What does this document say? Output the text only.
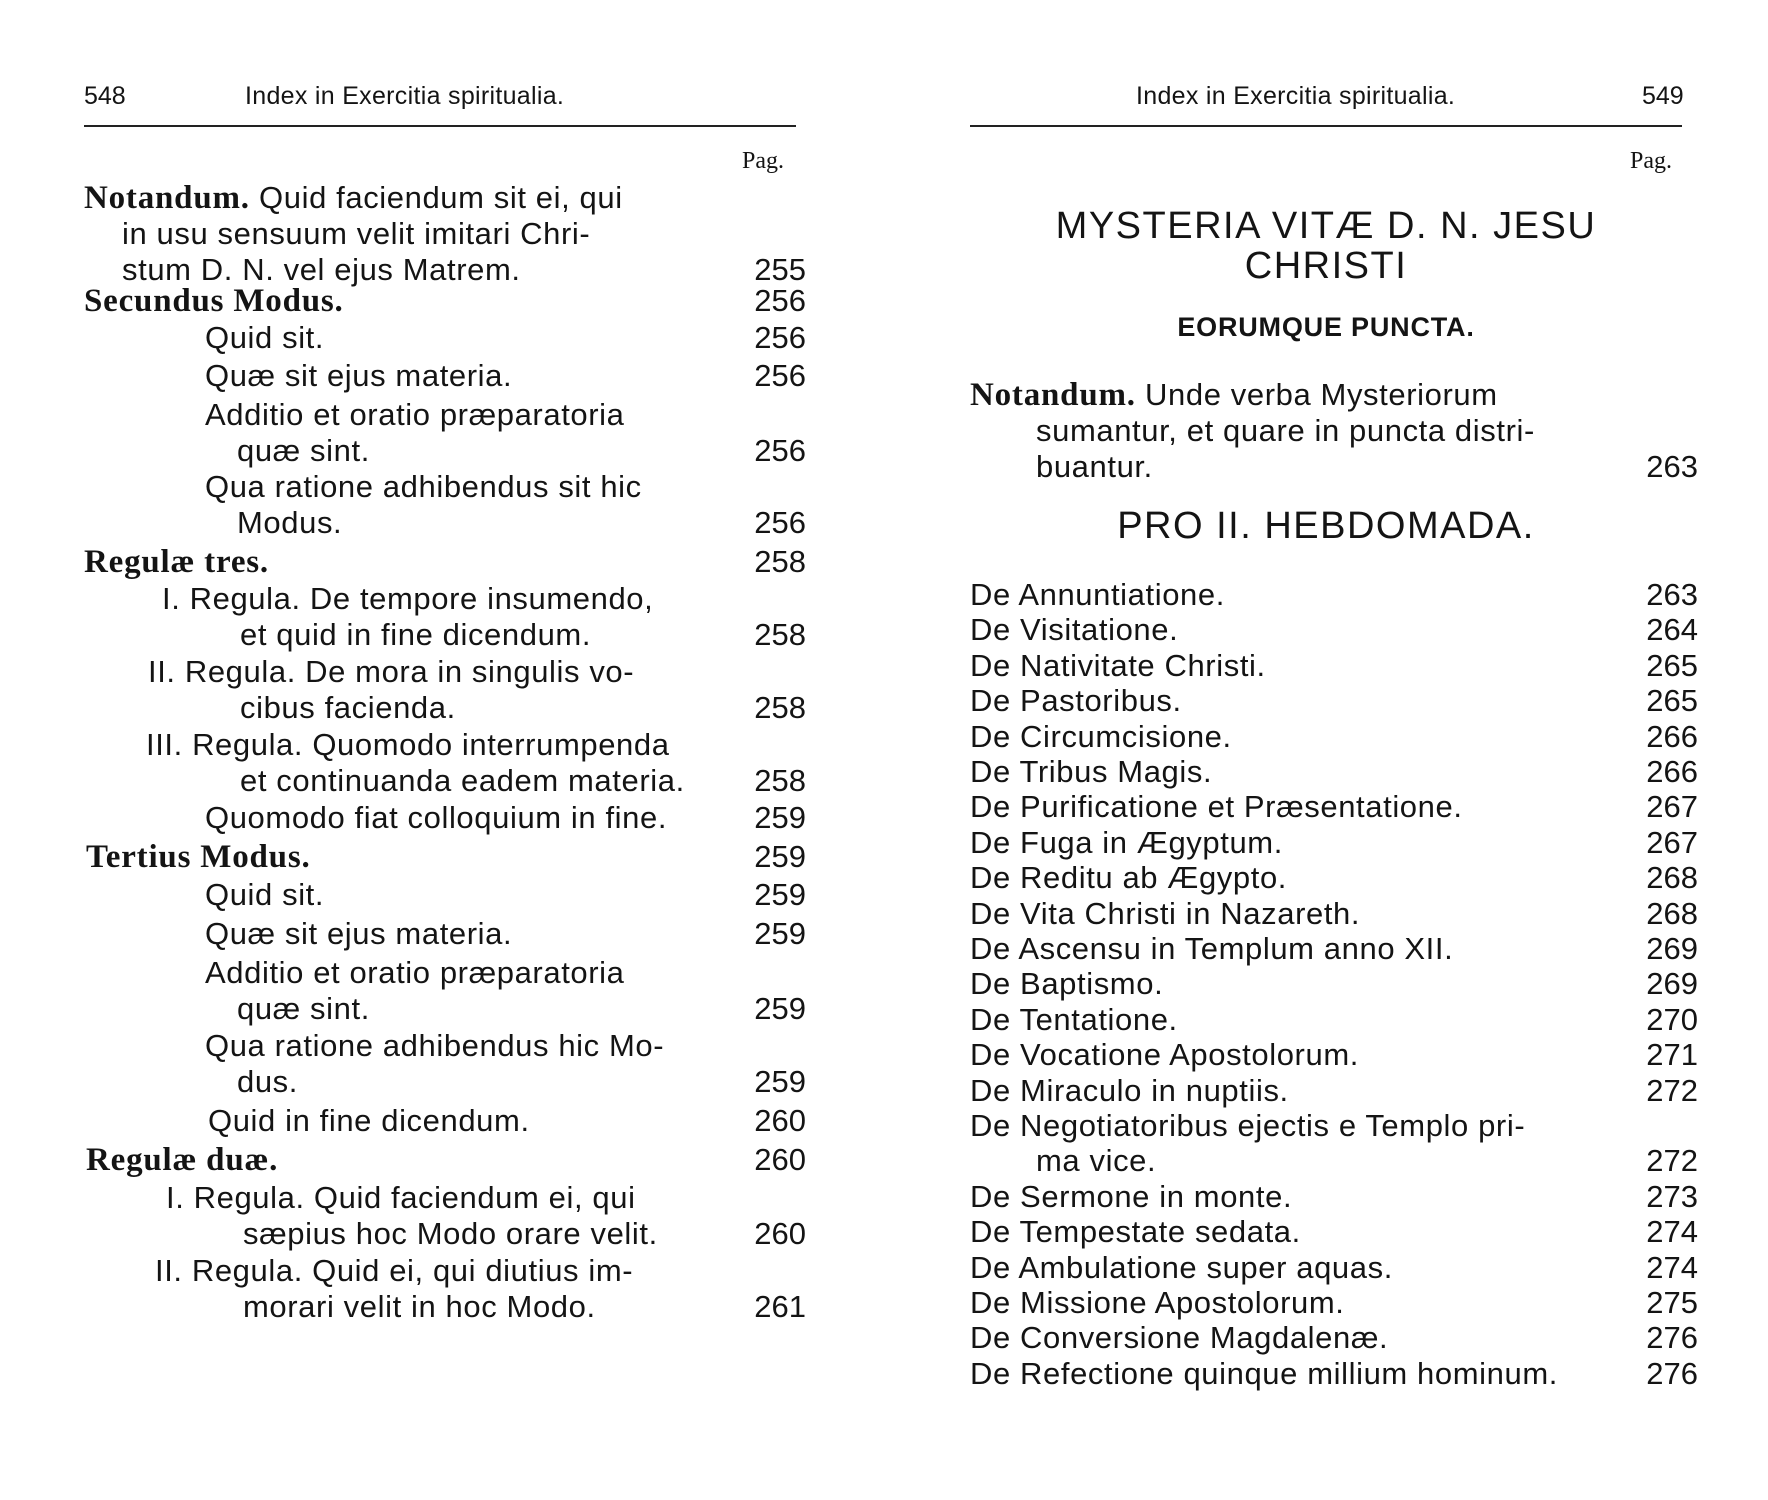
548	Index in Exercitia spiritualia.
Pag.
Notandum. Quid faciendum sit ei, qui
in usu sensuum velit imitari Chri-
stum D. N. vel ejus Matrem.	255
Secundus Modus.	256
Quid sit.	256
Quæ sit ejus materia.	256
Additio et oratio præparatoria
quæ sint.	256
Qua ratione adhibendus sit hic
Modus.	256
Regulæ tres.	258
I. Regula. De tempore insumendo,
et quid in fine dicendum.	258
II. Regula. De mora in singulis vo-
cibus facienda.	258
III. Regula. Quomodo interrumpenda
et continuanda eadem materia.	258
Quomodo fiat colloquium in fine.	259
Tertius Modus.	259
Quid sit.	259
Quæ sit ejus materia.	259
Additio et oratio præparatoria
quæ sint.	259
Qua ratione adhibendus hic Mo-
dus.	259
Quid in fine dicendum.	260
Regulæ duæ.	260
I. Regula. Quid faciendum ei, qui
sæpius hoc Modo orare velit.	260
II. Regula. Quid ei, qui diutius im-
morari velit in hoc Modo.	261
Index in Exercitia spiritualia.	549
Pag.
MYSTERIA VITÆ D. N. JESU
CHRISTI
EORUMQUE PUNCTA.
Notandum. Unde verba Mysteriorum
sumantur, et quare in puncta distri-
buantur.	263
PRO II. HEBDOMADA.
De Annuntiatione.	263
De Visitatione.	264
De Nativitate Christi.	265
De Pastoribus.	265
De Circumcisione.	266
De Tribus Magis.	266
De Purificatione et Præsentatione.	267
De Fuga in Ægyptum.	267
De Reditu ab Ægypto.	268
De Vita Christi in Nazareth.	268
De Ascensu in Templum anno XII.	269
De Baptismo.	269
De Tentatione.	270
De Vocatione Apostolorum.	271
De Miraculo in nuptiis.	272
De Negotiatoribus ejectis e Templo pri-
ma vice.	272
De Sermone in monte.	273
De Tempestate sedata.	274
De Ambulatione super aquas.	274
De Missione Apostolorum.	275
De Conversione Magdalenæ.	276
De Refectione quinque millium hominum.	276
